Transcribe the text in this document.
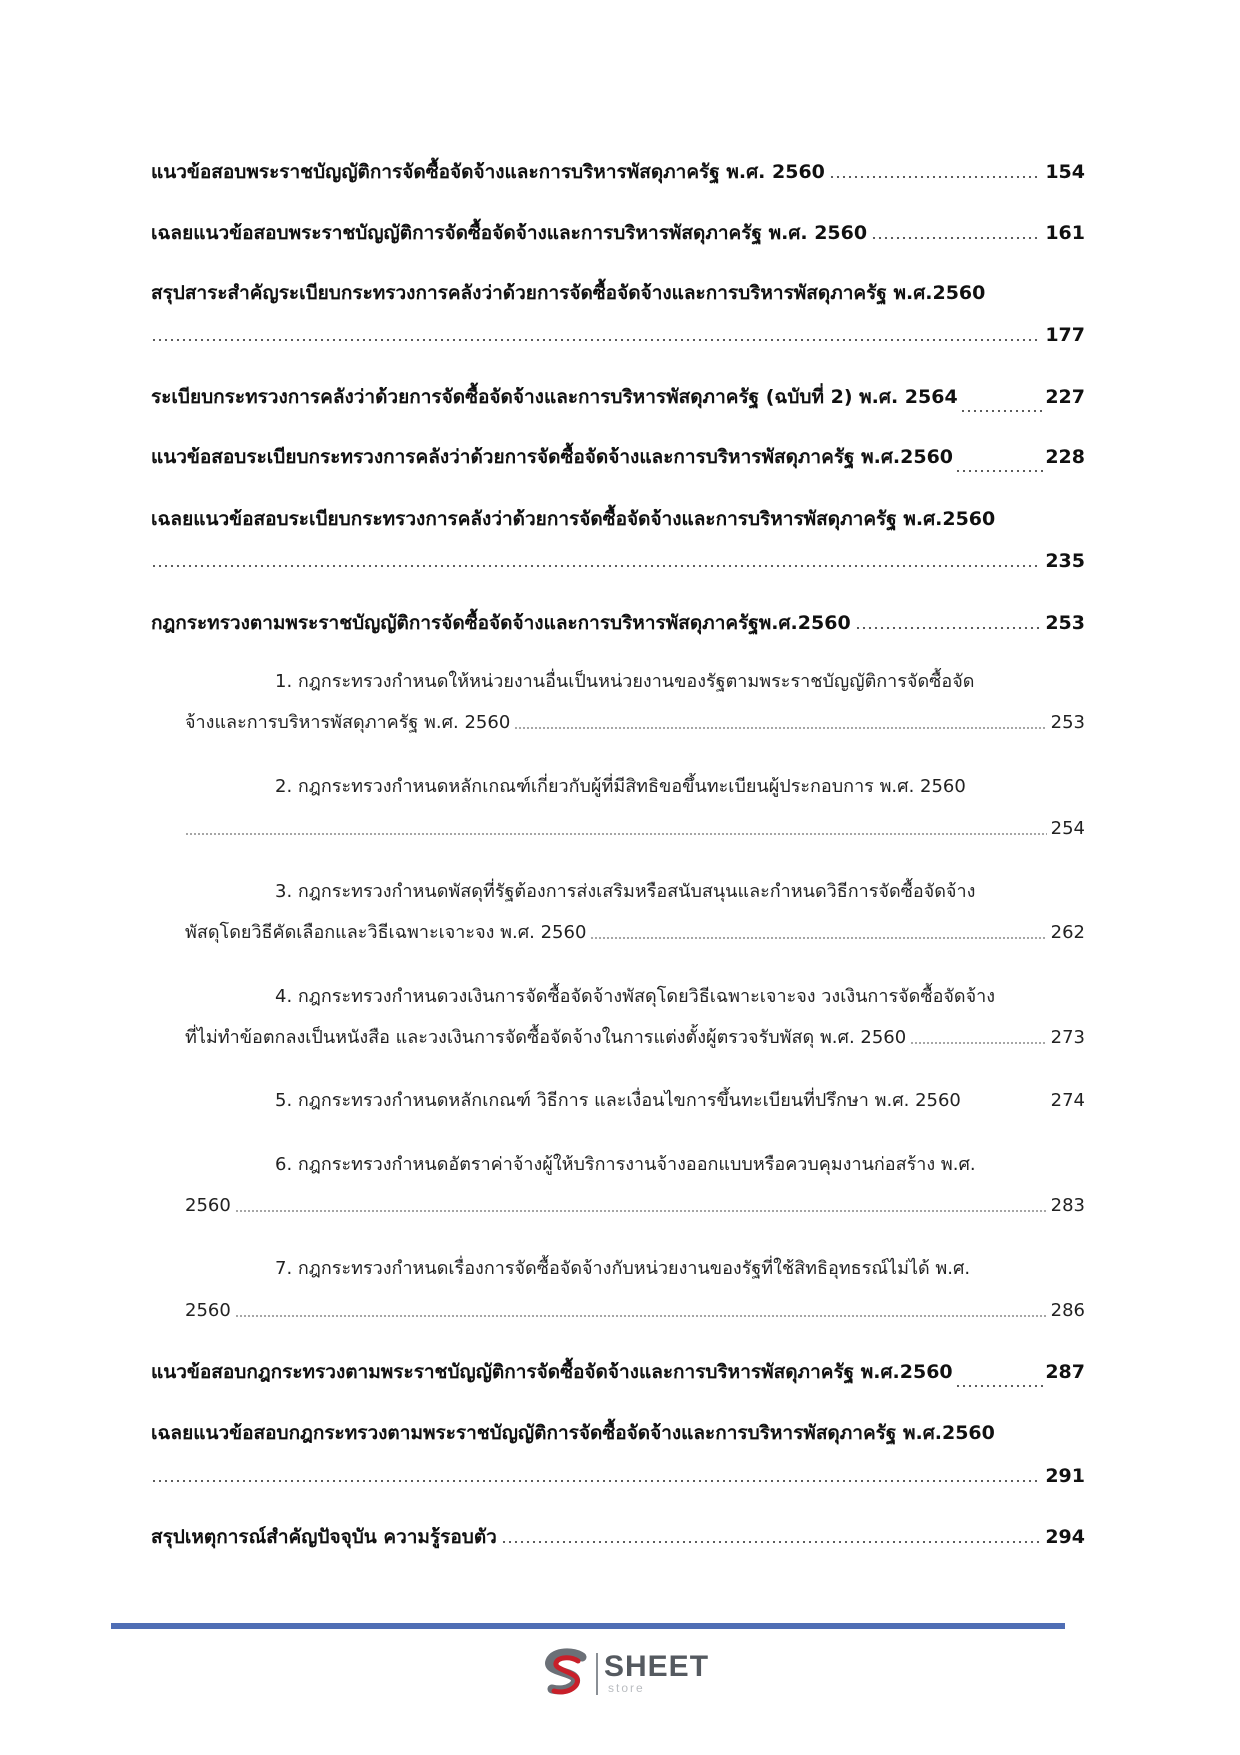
แนวข้อสอบพระราชบัญญัติการจัดซื้อจัดจ้างและการบริหารพัสดุภาครัฐ พ.ศ. 2560	154
เฉลยแนวข้อสอบพระราชบัญญัติการจัดซื้อจัดจ้างและการบริหารพัสดุภาครัฐ พ.ศ. 2560	161
สรุปสาระสำคัญระเบียบกระทรวงการคลังว่าด้วยการจัดซื้อจัดจ้างและการบริหารพัสดุภาครัฐ พ.ศ.2560
177
ระเบียบกระทรวงการคลังว่าด้วยการจัดซื้อจัดจ้างและการบริหารพัสดุภาครัฐ (ฉบับที่ 2) พ.ศ. 2564	227
แนวข้อสอบระเบียบกระทรวงการคลังว่าด้วยการจัดซื้อจัดจ้างและการบริหารพัสดุภาครัฐ พ.ศ.2560	228
เฉลยแนวข้อสอบระเบียบกระทรวงการคลังว่าด้วยการจัดซื้อจัดจ้างและการบริหารพัสดุภาครัฐ พ.ศ.2560
235
กฎกระทรวงตามพระราชบัญญัติการจัดซื้อจัดจ้างและการบริหารพัสดุภาครัฐพ.ศ.2560	253
1. กฎกระทรวงกำหนดให้หน่วยงานอื่นเป็นหน่วยงานของรัฐตามพระราชบัญญัติการจัดซื้อจัด
จ้างและการบริหารพัสดุภาครัฐ พ.ศ. 2560	253
2. กฎกระทรวงกำหนดหลักเกณฑ์เกี่ยวกับผู้ที่มีสิทธิขอขึ้นทะเบียนผู้ประกอบการ พ.ศ. 2560
254
3. กฎกระทรวงกำหนดพัสดุที่รัฐต้องการส่งเสริมหรือสนับสนุนและกำหนดวิธีการจัดซื้อจัดจ้าง
พัสดุโดยวิธีคัดเลือกและวิธีเฉพาะเจาะจง พ.ศ. 2560	262
4. กฎกระทรวงกำหนดวงเงินการจัดซื้อจัดจ้างพัสดุโดยวิธีเฉพาะเจาะจง วงเงินการจัดซื้อจัดจ้าง
ที่ไม่ทำข้อตกลงเป็นหนังสือ และวงเงินการจัดซื้อจัดจ้างในการแต่งตั้งผู้ตรวจรับพัสดุ พ.ศ. 2560	273
5. กฎกระทรวงกำหนดหลักเกณฑ์ วิธีการ และเงื่อนไขการขึ้นทะเบียนที่ปรึกษา พ.ศ. 2560	274
6. กฎกระทรวงกำหนดอัตราค่าจ้างผู้ให้บริการงานจ้างออกแบบหรือควบคุมงานก่อสร้าง พ.ศ.
2560	283
7. กฎกระทรวงกำหนดเรื่องการจัดซื้อจัดจ้างกับหน่วยงานของรัฐที่ใช้สิทธิอุทธรณ์ไม่ได้ พ.ศ.
2560	286
แนวข้อสอบกฎกระทรวงตามพระราชบัญญัติการจัดซื้อจัดจ้างและการบริหารพัสดุภาครัฐ พ.ศ.2560	287
เฉลยแนวข้อสอบกฎกระทรวงตามพระราชบัญญัติการจัดซื้อจัดจ้างและการบริหารพัสดุภาครัฐ พ.ศ.2560
291
สรุปเหตุการณ์สำคัญปัจจุบัน ความรู้รอบตัว	294
SHEET
store
